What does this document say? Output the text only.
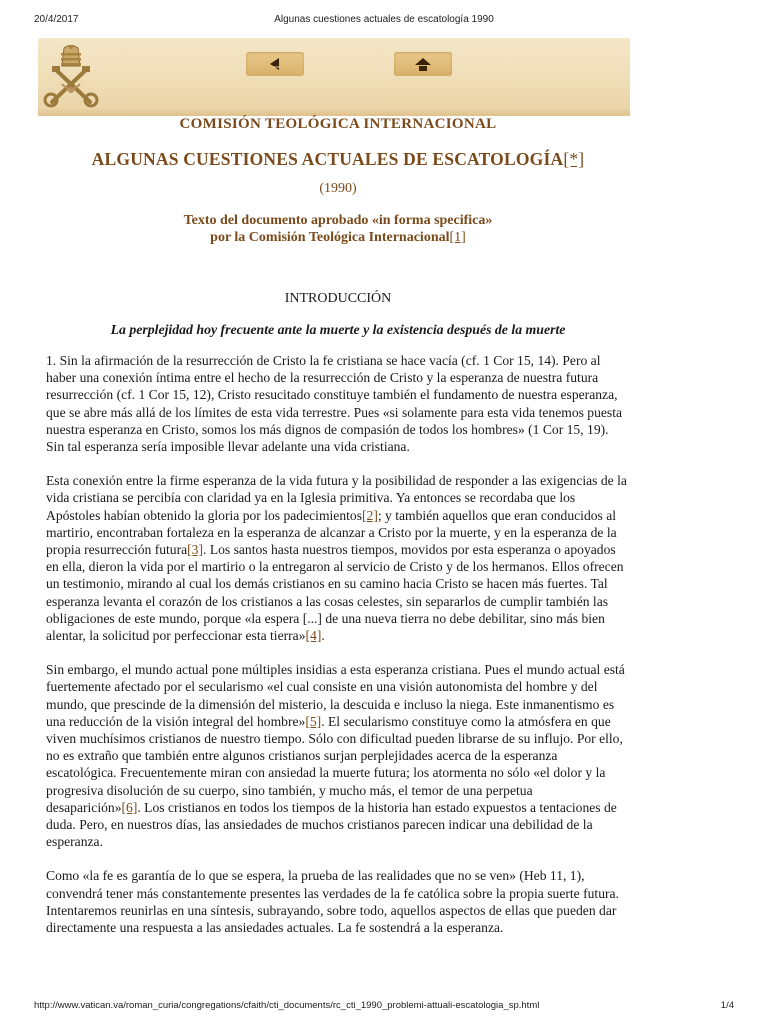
20/4/2017	Algunas cuestiones actuales de escatología 1990
COMISIÓN TEOLÓGICA INTERNACIONAL
ALGUNAS CUESTIONES ACTUALES DE ESCATOLOGÍA[*]
(1990)
Texto del documento aprobado «in forma specifica»
por la Comisión Teológica Internacional[1]
INTRODUCCIÓN
La perplejidad hoy frecuente ante la muerte y la existencia después de la muerte

1. Sin la afirmación de la resurrección de Cristo la fe cristiana se hace vacía (cf. 1 Cor 15, 14). Pero al haber una conexión íntima entre el hecho de la resurrección de Cristo y la esperanza de nuestra futura resurrección (cf. 1 Cor 15, 12), Cristo resucitado constituye también el fundamento de nuestra esperanza, que se abre más allá de los límites de esta vida terrestre. Pues «si solamente para esta vida tenemos puesta nuestra esperanza en Cristo, somos los más dignos de compasión de todos los hombres» (1 Cor 15, 19). Sin tal esperanza sería imposible llevar adelante una vida cristiana.

Esta conexión entre la firme esperanza de la vida futura y la posibilidad de responder a las exigencias de la vida cristiana se percibía con claridad ya en la Iglesia primitiva. Ya entonces se recordaba que los Apóstoles habían obtenido la gloria por los padecimientos[2]; y también aquellos que eran conducidos al martirio, encontraban fortaleza en la esperanza de alcanzar a Cristo por la muerte, y en la esperanza de la propia resurrección futura[3]. Los santos hasta nuestros tiempos, movidos por esta esperanza o apoyados en ella, dieron la vida por el martirio o la entregaron al servicio de Cristo y de los hermanos. Ellos ofrecen un testimonio, mirando al cual los demás cristianos en su camino hacia Cristo se hacen más fuertes. Tal esperanza levanta el corazón de los cristianos a las cosas celestes, sin separarlos de cumplir también las obligaciones de este mundo, porque «la espera [...] de una nueva tierra no debe debilitar, sino más bien alentar, la solicitud por perfeccionar esta tierra»[4].

Sin embargo, el mundo actual pone múltiples insidias a esta esperanza cristiana. Pues el mundo actual está fuertemente afectado por el secularismo «el cual consiste en una visión autonomista del hombre y del mundo, que prescinde de la dimensión del misterio, la descuida e incluso la niega. Este inmanentismo es una reducción de la visión integral del hombre»[5]. El secularismo constituye como la atmósfera en que viven muchísimos cristianos de nuestro tiempo. Sólo con dificultad pueden librarse de su influjo. Por ello, no es extraño que también entre algunos cristianos surjan perplejidades acerca de la esperanza escatológica. Frecuentemente miran con ansiedad la muerte futura; los atormenta no sólo «el dolor y la progresiva disolución de su cuerpo, sino también, y mucho más, el temor de una perpetua desaparición»[6]. Los cristianos en todos los tiempos de la historia han estado expuestos a tentaciones de duda. Pero, en nuestros días, las ansiedades de muchos cristianos parecen indicar una debilidad de la esperanza.

Como «la fe es garantía de lo que se espera, la prueba de las realidades que no se ven» (Heb 11, 1), convendrá tener más constantemente presentes las verdades de la fe católica sobre la propia suerte futura. Intentaremos reunirlas en una síntesis, subrayando, sobre todo, aquellos aspectos de ellas que pueden dar directamente una respuesta a las ansiedades actuales. La fe sostendrá a la esperanza.

http://www.vatican.va/roman_curia/congregations/cfaith/cti_documents/rc_cti_1990_problemi-attuali-escatologia_sp.html	1/4
